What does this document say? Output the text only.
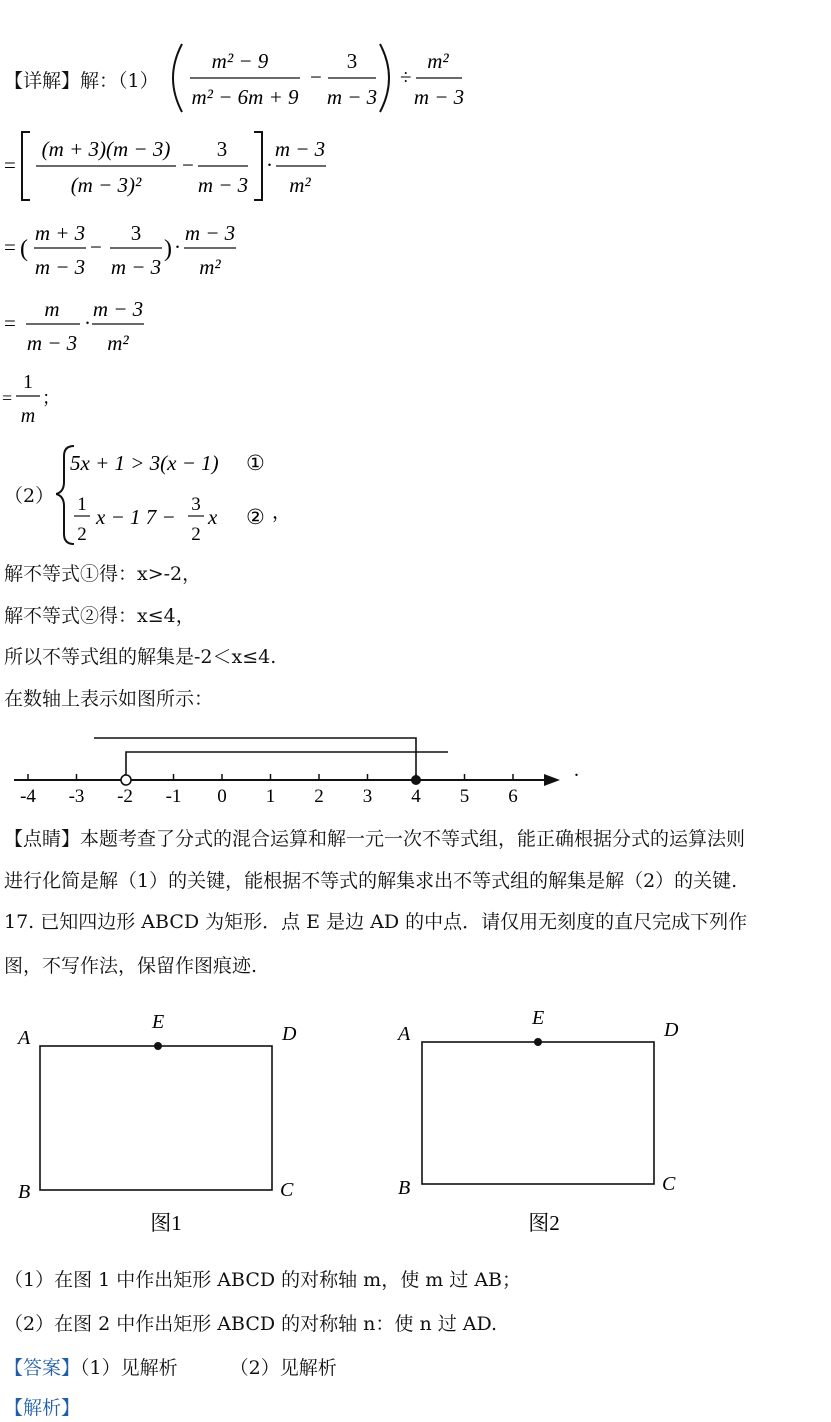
【详解】解：（1）
m² − 9
m² − 6m + 9
−
3
m − 3
÷
m²
m − 3
=
(m + 3)(m − 3)
(m − 3)²
−
3
m − 3
·
m − 3
m²
= (
m + 3
m − 3
−
3
m − 3
) ·
m − 3
m²
=
m
m − 3
·
m − 3
m²
=
1
m
；
（2）
5x + 1 > 3(x − 1) ①
1
2
x − 1 7 −
3
2
x ② ，
解不等式①得：x>-2，
解不等式②得：x≤4，
所以不等式组的解集是-2＜x≤4.
在数轴上表示如图所示：
-4 -3 -2 -1 0 1 2 3 4 5 6
.
【点睛】本题考查了分式的混合运算和解一元一次不等式组，能正确根据分式的运算法则
进行化简是解（1）的关键，能根据不等式的解集求出不等式组的解集是解（2）的关键.
17. 已知四边形 ABCD 为矩形．点 E 是边 AD 的中点．请仅用无刻度的直尺完成下列作
图，不写作法，保留作图痕迹.
A
E
D
B	C
图1
A
E
D
B	C
图2
（1）在图 1 中作出矩形 ABCD 的对称轴 m，使 m 过 AB；
（2）在图 2 中作出矩形 ABCD 的对称轴 n：使 n 过 AD.
【答案】（1）见解析	（2）见解析
【解析】
